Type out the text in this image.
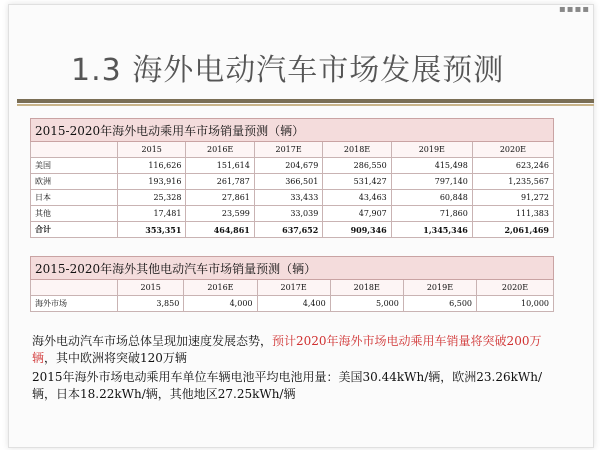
1.3 海外电动汽车市场发展预测
▪▪▪▪
2015-2020年海外电动乘用车市场销量预测（辆）						
	2015	2016E	2017E	2018E	2019E	2020E
美国	116,626	151,614	204,679	286,550	415,498	623,246
欧洲	193,916	261,787	366,501	531,427	797,140	1,235,567
日本	25,328	27,861	33,433	43,463	60,848	91,272
其他	17,481	23,599	33,039	47,907	71,860	111,383
合计	353,351	464,861	637,652	909,346	1,345,346	2,061,469
2015-2020年海外其他电动汽车市场销量预测（辆）						
	2015	2016E	2017E	2018E	2019E	2020E
海外市场	3,850	4,000	4,400	5,000	6,500	10,000
海外电动汽车市场总体呈现加速度发展态势，预计2020年海外市场电动乘用车销量将突破200万辆，其中欧洲将突破120万辆
2015年海外市场电动乘用车单位车辆电池平均电池用量：美国30.44kWh/辆，欧洲23.26kWh/辆，日本18.22kWh/辆，其他地区27.25kWh/辆
